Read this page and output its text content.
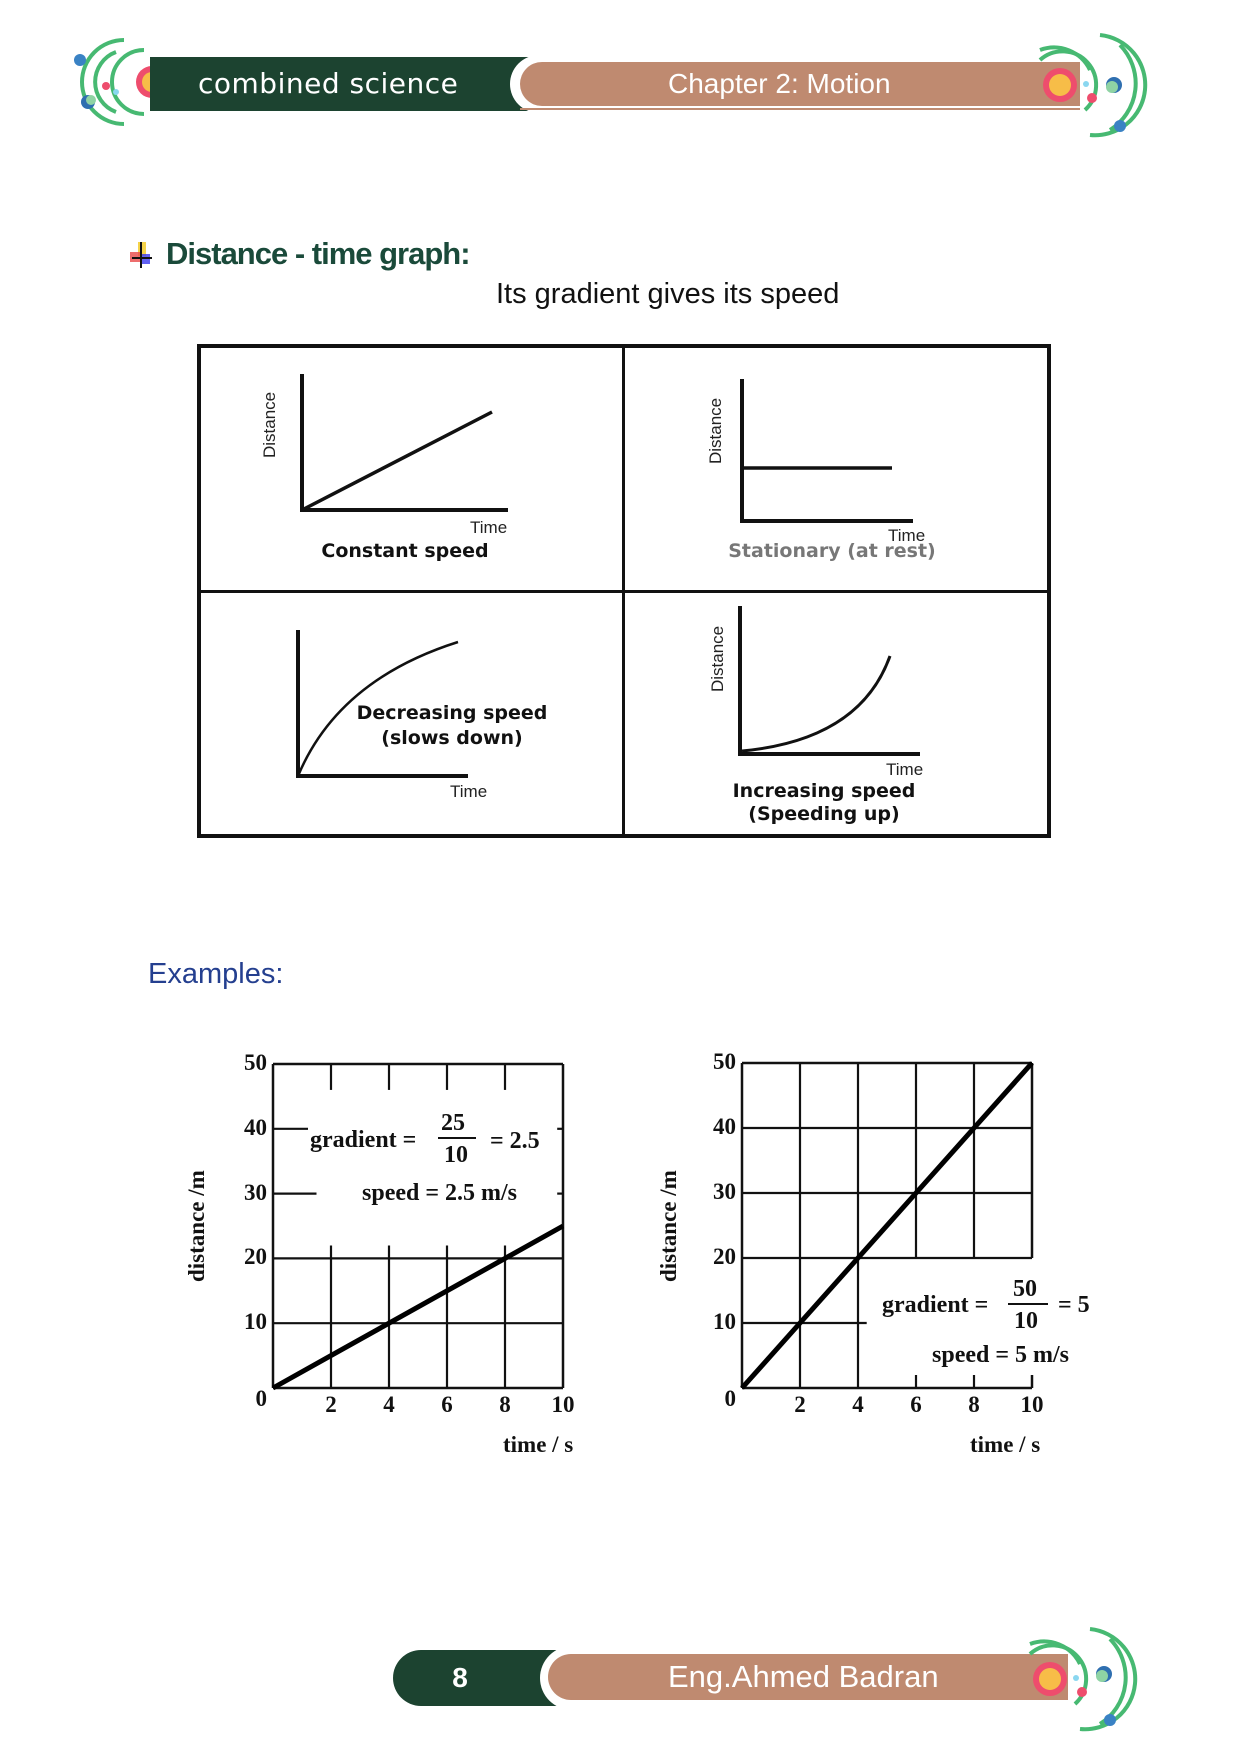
combined science	Chapter 2: Motion
Distance - time graph:
Its gradient gives its speed
Distance
Time
Constant speed
Distance
Time
Stationary (at rest)
Decreasing speed
(slows down)
Time
Distance
Time
Increasing speed
(Speeding up)
Examples:
distance /m
time / s
0
10
20
30
40
50
2	4	6	8	10
gradient =
25
10
= 2.5
speed = 2.5 m/s	distance /m
time / s
0
10
20
30
40
50
2	4	6	8	10
gradient =
50
10
= 5
speed = 5 m/s
8	Eng.Ahmed Badran
